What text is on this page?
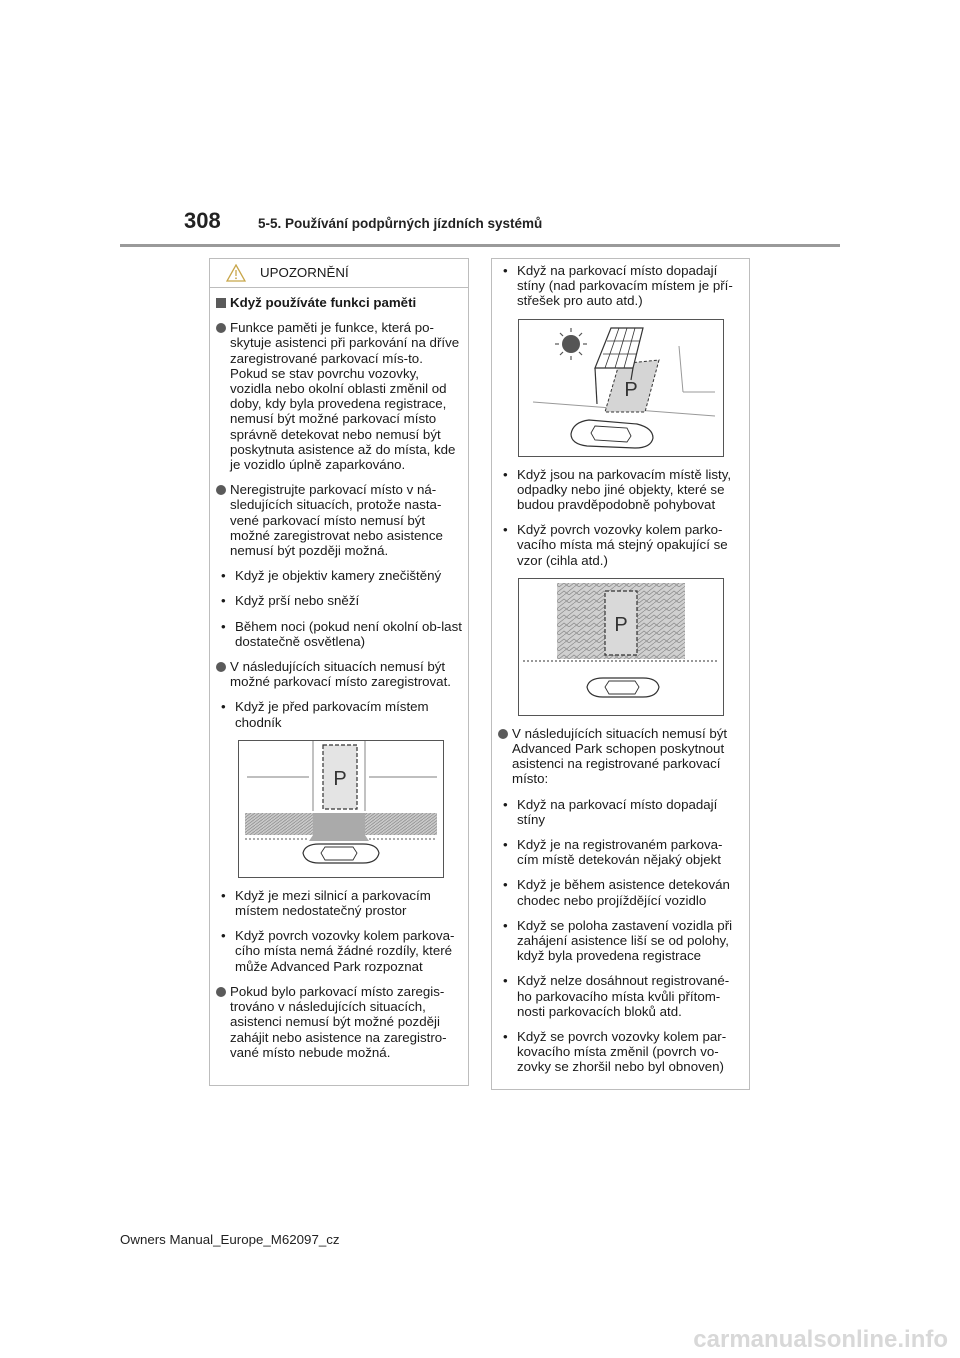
308	5-5. Používání podpůrných jízdních systémů
UPOZORNĚNÍ
Když používáte funkci paměti
Funkce paměti je funkce, která po-skytuje asistenci při parkování na dříve zaregistrované parkovací mís-to. Pokud se stav povrchu vozovky, vozidla nebo okolní oblasti změnil od doby, kdy byla provedena registrace, nemusí být možné parkovací místo správně detekovat nebo nemusí být poskytnuta asistence až do místa, kde je vozidlo úplně zaparkováno.
Neregistrujte parkovací místo v ná-sledujících situacích, protože nasta-vené parkovací místo nemusí být možné zaregistrovat nebo asistence nemusí být později možná.
• Když je objektiv kamery znečištěný
• Když prší nebo sněží
• Během noci (pokud není okolní ob-last dostatečně osvětlena)
V následujících situacích nemusí být možné parkovací místo zaregistrovat.
• Když je před parkovacím místem chodník
P
• Když je mezi silnicí a parkovacím místem nedostatečný prostor
• Když povrch vozovky kolem parkova-cího místa nemá žádné rozdíly, které může Advanced Park rozpoznat
Pokud bylo parkovací místo zaregis-trováno v následujících situacích, asistenci nemusí být možné později zahájit nebo asistence na zaregistro-vané místo nebude možná.
• Když na parkovací místo dopadají stíny (nad parkovacím místem je pří-střešek pro auto atd.)
P
• Když jsou na parkovacím místě listy, odpadky nebo jiné objekty, které se budou pravděpodobně pohybovat
• Když povrch vozovky kolem parko-vacího místa má stejný opakující se vzor (cihla atd.)
P
V následujících situacích nemusí být Advanced Park schopen poskytnout asistenci na registrované parkovací místo:
• Když na parkovací místo dopadají stíny
• Když je na registrovaném parkova-cím místě detekován nějaký objekt
• Když je během asistence detekován chodec nebo projíždějící vozidlo
• Když se poloha zastavení vozidla při zahájení asistence liší se od polohy, když byla provedena registrace
• Když nelze dosáhnout registrované-ho parkovacího místa kvůli přítom-nosti parkovacích bloků atd.
• Když se povrch vozovky kolem par-kovacího místa změnil (povrch vo-zovky se zhoršil nebo byl obnoven)
Owners Manual_Europe_M62097_cz
carmanualsonline.info
